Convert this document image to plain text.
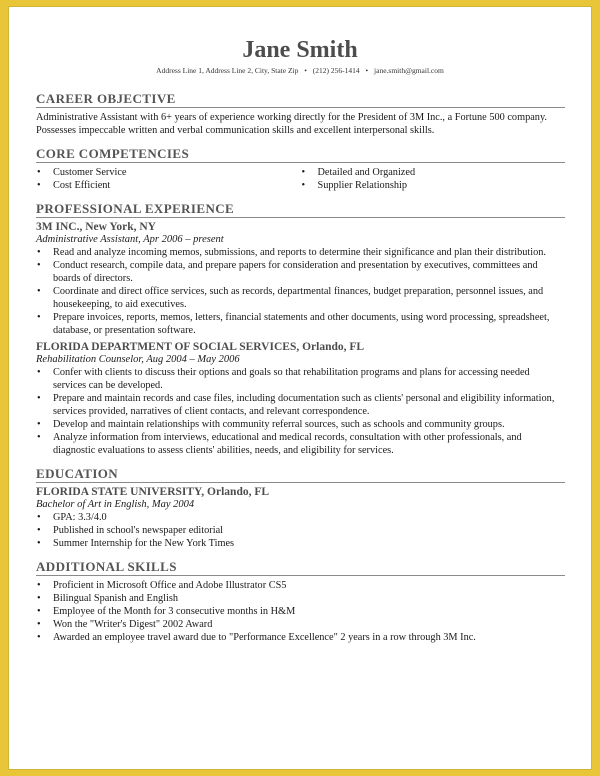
Jane Smith
Address Line 1, Address Line 2, City, State Zip • (212) 256-1414 • jane.smith@gmail.com
CAREER OBJECTIVE
Administrative Assistant with 6+ years of experience working directly for the President of 3M Inc., a Fortune 500 company. Possesses impeccable written and verbal communication skills and excellent interpersonal skills.
CORE COMPETENCIES
• Customer Service
• Cost Efficient
• Detailed and Organized
• Supplier Relationship
PROFESSIONAL EXPERIENCE
3M INC., New York, NY
Administrative Assistant, Apr 2006 – present
• Read and analyze incoming memos, submissions, and reports to determine their significance and plan their distribution.
• Conduct research, compile data, and prepare papers for consideration and presentation by executives, committees and boards of directors.
• Coordinate and direct office services, such as records, departmental finances, budget preparation, personnel issues, and housekeeping, to aid executives.
• Prepare invoices, reports, memos, letters, financial statements and other documents, using word processing, spreadsheet, database, or presentation software.
FLORIDA DEPARTMENT OF SOCIAL SERVICES, Orlando, FL
Rehabilitation Counselor, Aug 2004 – May 2006
• Confer with clients to discuss their options and goals so that rehabilitation programs and plans for accessing needed services can be developed.
• Prepare and maintain records and case files, including documentation such as clients' personal and eligibility information, services provided, narratives of client contacts, and relevant correspondence.
• Develop and maintain relationships with community referral sources, such as schools and community groups.
• Analyze information from interviews, educational and medical records, consultation with other professionals, and diagnostic evaluations to assess clients' abilities, needs, and eligibility for services.
EDUCATION
FLORIDA STATE UNIVERSITY, Orlando, FL
Bachelor of Art in English, May 2004
• GPA: 3.3/4.0
• Published in school's newspaper editorial
• Summer Internship for the New York Times
ADDITIONAL SKILLS
• Proficient in Microsoft Office and Adobe Illustrator CS5
• Bilingual Spanish and English
• Employee of the Month for 3 consecutive months in H&M
• Won the "Writer's Digest" 2002 Award
• Awarded an employee travel award due to "Performance Excellence" 2 years in a row through 3M Inc.
